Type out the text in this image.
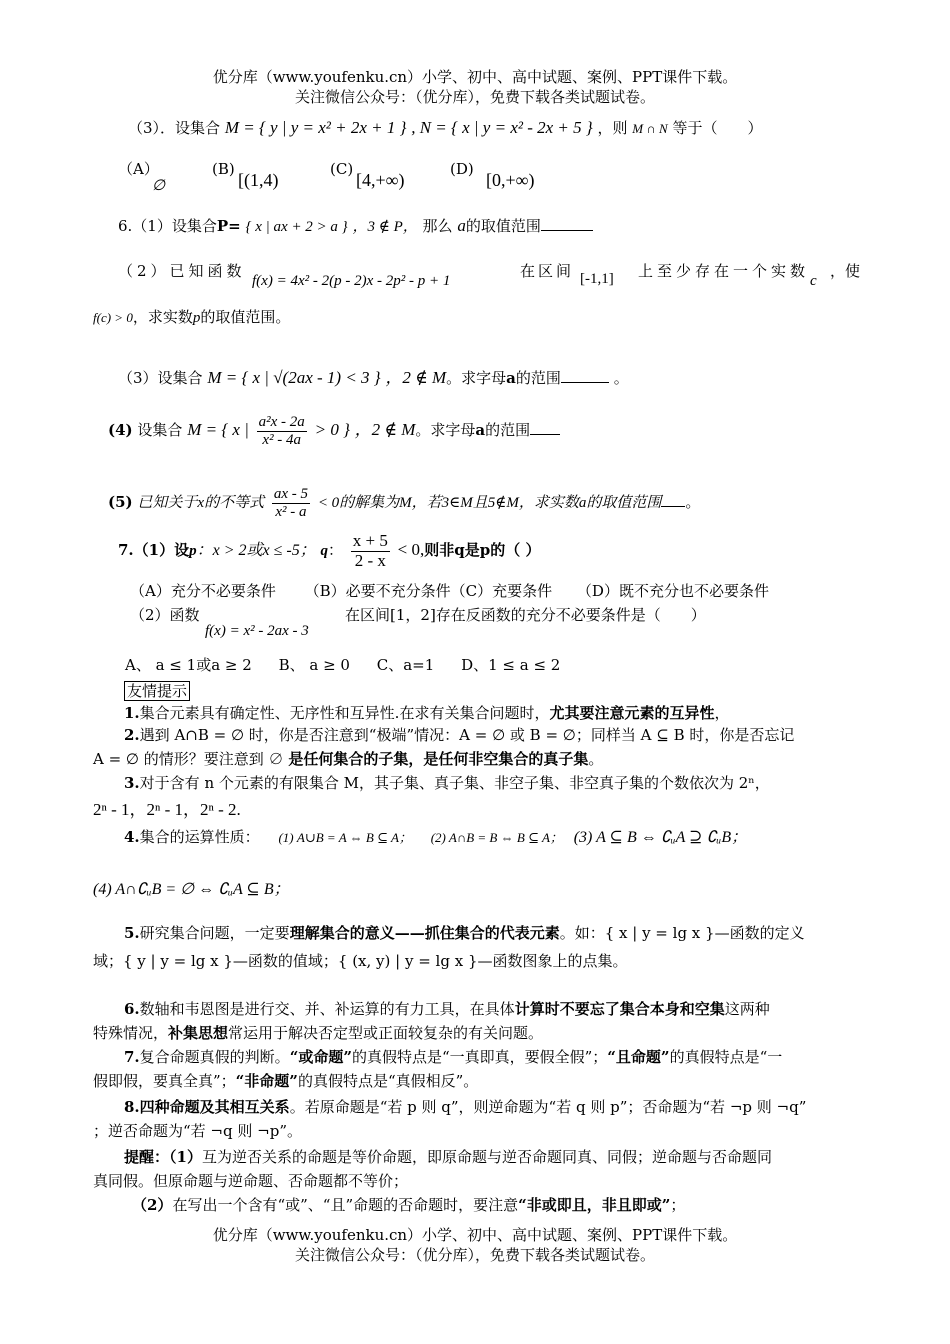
优分库（www.youfenku.cn）小学、初中、高中试题、案例、PPT课件下载。
关注微信公众号：（优分库），免费下载各类试题试卷。
（3）．设集合 M = { y | y = x² + 2x + 1 } , N = { x | y = x² - 2x + 5 } ，则 M ∩ N 等于（　　）
（A）
∅
(B)
[(1,4)
(C)
[4,+∞)
(D)
[0,+∞)
6.（1）设集合P= { x | ax + 2 > a } ，3 ∉ P， 那么 a的取值范围
（2）已知函数
f(x) = 4x² - 2(p - 2)x - 2p² - p + 1
在区间 [-1,1] 上至少存在一个实数
c
，使
f(c) > 0，求实数p的取值范围。
（3）设集合 M = { x | √(2ax - 1) < 3 } ，2 ∉ M。求字母a的范围	。
(4) 设集合 M = { x | $\frac{\text{a²x - 2a}}{\text{x² - 4a}} > 0$ } ，2 ∉ M。求字母a的范围
(5) 已知关于x的不等式 $\frac{ax - 5}{\text{x² - a}} < 0$的解集为M，若3∈M且5∉M，求实数a的取值范围 。
7.（1）设p：x > 2或x ≤ -5； q： $\frac{x + 5}{2 - x} < 0$,则非q是p的（ ）
（A）充分不必要条件 （B）必要不充分条件（C）充要条件 （D）既不充分也不必要条件
（2）函数
f(x) = x² - 2ax - 3
在区间[1，2]存在反函数的充分不必要条件是（　　）
A、 a ≤ 1或a ≥ 2 B、 a ≥ 0 C、a=1 D、1 ≤ a ≤ 2
友情提示
1.集合元素具有确定性、无序性和互异性.在求有关集合问题时，尤其要注意元素的互异性，
2.遇到 A∩B = ∅ 时，你是否注意到“极端”情况：A = ∅ 或 B = ∅；同样当 A ⊆ B 时，你是否忘记
A = ∅ 的情形？要注意到 ∅ 是任何集合的子集，是任何非空集合的真子集。
3.对于含有 n 个元素的有限集合 M，其子集、真子集、非空子集、非空真子集的个数依次为 2ⁿ，
2ⁿ - 1，2ⁿ - 1，2ⁿ - 2.
4.集合的运算性质： (1) A∪B = A ⇔ B ⊆ A； (2) A∩B = B ⇔ B ⊆ A； (3) A ⊆ B ⇔ ∁ᵤA ⊇ ∁ᵤB；
(4) A∩∁ᵤB = ∅ ⇔ ∁ᵤA ⊆ B；
5.研究集合问题，一定要理解集合的意义——抓住集合的代表元素。如：{ x | y = lg x }—函数的定义
域；{ y | y = lg x }—函数的值域；{ (x, y) | y = lg x }—函数图象上的点集。
6.数轴和韦恩图是进行交、并、补运算的有力工具，在具体计算时不要忘了集合本身和空集这两种
特殊情况，补集思想常运用于解决否定型或正面较复杂的有关问题。
7.复合命题真假的判断。“或命题”的真假特点是“一真即真，要假全假”；“且命题”的真假特点是“一
假即假，要真全真”；“非命题”的真假特点是“真假相反”。
8.四种命题及其相互关系。若原命题是“若 p 则 q”，则逆命题为“若 q 则 p”；否命题为“若 ¬p 则 ¬q”
；逆否命题为“若 ¬q 则 ¬p”。
提醒：（1）互为逆否关系的命题是等价命题，即原命题与逆否命题同真、同假；逆命题与否命题同
真同假。但原命题与逆命题、否命题都不等价；
（2）在写出一个含有“或”、“且”命题的否命题时，要注意“非或即且，非且即或”；
优分库（www.youfenku.cn）小学、初中、高中试题、案例、PPT课件下载。
关注微信公众号：（优分库），免费下载各类试题试卷。
